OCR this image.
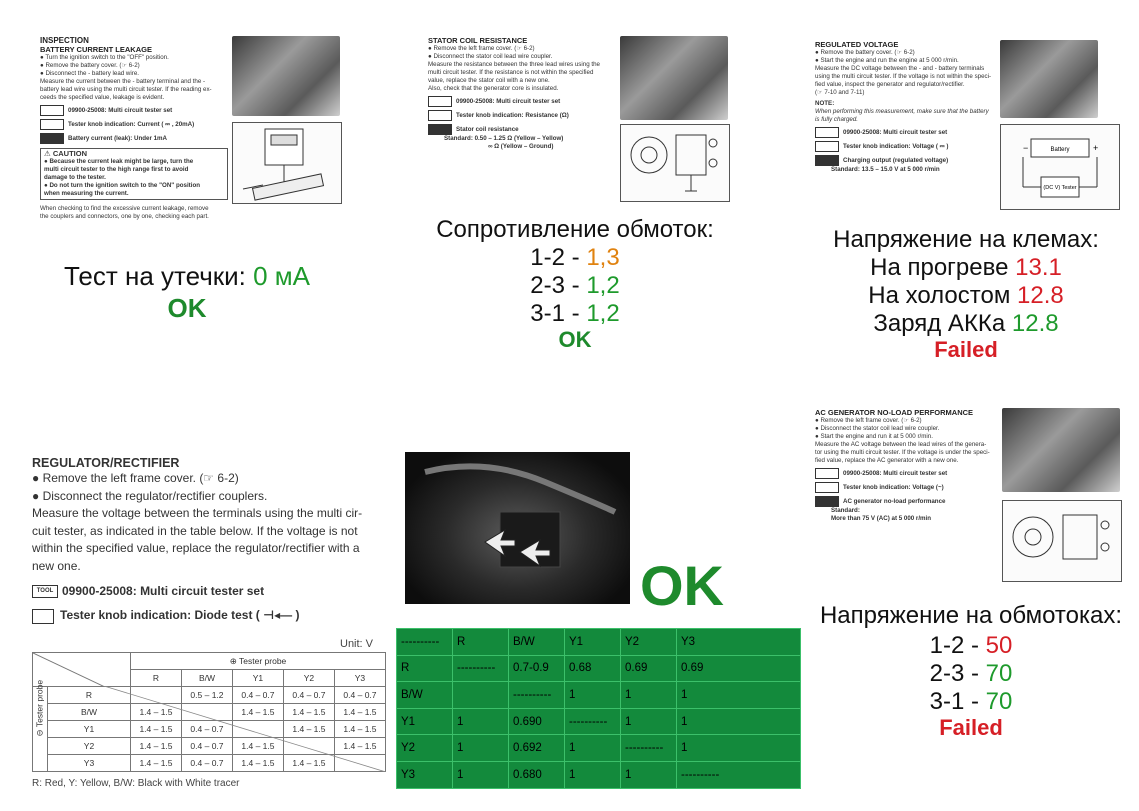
INSPECTION
BATTERY CURRENT LEAKAGE
● Turn the ignition switch to the "OFF" position.
● Remove the battery cover. (☞ 6-2)
● Disconnect the - battery lead wire.
Measure the current between the - battery terminal and the -
battery lead wire using the multi circuit tester. If the reading ex-
ceeds the specified value, leakage is evident.
09900-25008: Multi circuit tester set
Tester knob indication: Current ( ⎓ , 20mA)
Battery current (leak): Under 1mA
⚠ CAUTION
● Because the current leak might be large, turn the
multi circuit tester to the high range first to avoid
damage to the tester.
● Do not turn the ignition switch to the "ON" position
when measuring the current.
When checking to find the excessive current leakage, remove
the couplers and connectors, one by one, checking each part.
Тест на утечки: 0 мА
OK
STATOR COIL RESISTANCE
● Remove the left frame cover. (☞ 6-2)
● Disconnect the stator coil lead wire coupler.
Measure the resistance between the three lead wires using the
multi circuit tester. If the resistance is not within the specified
value, replace the stator coil with a new one.
Also, check that the generator core is insulated.
09900-25008: Multi circuit tester set
Tester knob indication: Resistance (Ω)
Stator coil resistance
Standard: 0.50 – 1.25 Ω (Yellow – Yellow)
∞ Ω (Yellow – Ground)
Сопротивление обмоток:
1-2 - 1,3
2-3 - 1,2
3-1 - 1,2
OK
REGULATED VOLTAGE
● Remove the battery cover. (☞ 6-2)
● Start the engine and run the engine at 5 000 r/min.
Measure the DC voltage between the - and - battery terminals
using the multi circuit tester. If the voltage is not within the speci-
fied value, inspect the generator and regulator/rectifier.
(☞ 7-10 and 7-11)
NOTE:
When performing this measurement, make sure that the battery
is fully charged.
09900-25008: Multi circuit tester set
Tester knob indication: Voltage ( ⎓ )
Charging output (regulated voltage)
Standard: 13.5 – 15.0 V at 5 000 r/min
Battery
−	+
(DC V) Tester
Напряжение на клемах:
На прогреве 13.1
На холостом 12.8
Заряд АККа 12.8
Failed
AC GENERATOR NO-LOAD PERFORMANCE
● Remove the left frame cover. (☞ 6-2)
● Disconnect the stator coil lead wire coupler.
● Start the engine and run it at 5 000 r/min.
Measure the AC voltage between the lead wires of the genera-
tor using the multi circuit tester. If the voltage is under the speci-
fied value, replace the AC generator with a new one.
09900-25008: Multi circuit tester set
Tester knob indication: Voltage (~)
AC generator no-load performance
Standard:
More than 75 V (AC) at 5 000 r/min
Напряжение на обмотоках:
1-2 - 50
2-3 - 70
3-1 - 70
Failed
REGULATOR/RECTIFIER
● Remove the left frame cover. (☞ 6-2)
● Disconnect the regulator/rectifier couplers.
Measure the voltage between the terminals using the multi cir-
cuit tester, as indicated in the table below. If the voltage is not
within the specified value, replace the regulator/rectifier with a
new one.
TOOL 09900-25008: Multi circuit tester set
Tester knob indication: Diode test ( ⊣◂— )
Unit: V
	⊕ Tester probe				
		R	B/W	Y1	Y2	Y3

⊖ Tester probe	R		0.5 – 1.2	0.4 – 0.7	0.4 – 0.7	0.4 – 0.7
	B/W	1.4 – 1.5		1.4 – 1.5	1.4 – 1.5	1.4 – 1.5
	Y1	1.4 – 1.5	0.4 – 0.7		1.4 – 1.5	1.4 – 1.5
	Y2	1.4 – 1.5	0.4 – 0.7	1.4 – 1.5		1.4 – 1.5
	Y3	1.4 – 1.5	0.4 – 0.7	1.4 – 1.5	1.4 – 1.5	
R: Red, Y: Yellow, B/W: Black with White tracer
OK
----------	R	B/W	Y1	Y2	Y3
R	----------	0.7-0.9	0.68	0.69	0.69
B/W		----------	1	1	1
Y1	1	0.690	----------	1	1
Y2	1	0.692	1	----------	1
Y3	1	0.680	1	1	----------
